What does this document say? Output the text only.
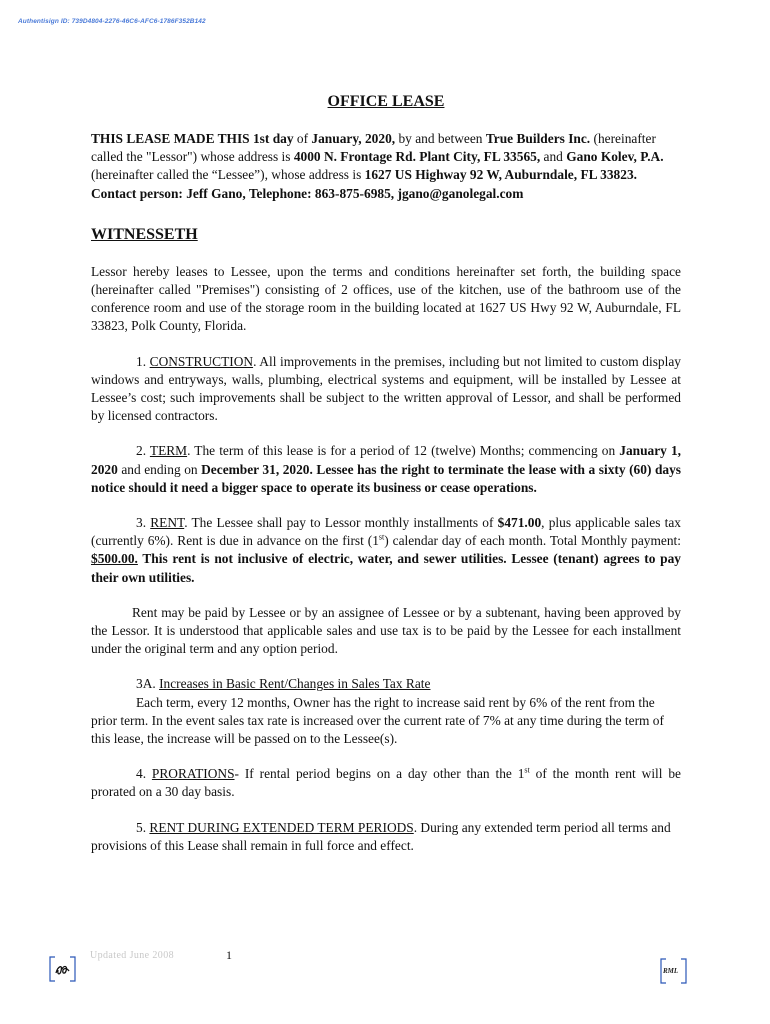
Authentisign ID: 739D4804-2276-46C6-AFC6-1786F352B142
OFFICE LEASE

THIS LEASE MADE THIS 1st day of January, 2020, by and between True Builders Inc. (hereinafter called the "Lessor") whose address is 4000 N. Frontage Rd. Plant City, FL 33565, and Gano Kolev, P.A. (hereinafter called the “Lessee”), whose address is 1627 US Highway 92 W, Auburndale, FL 33823. Contact person: Jeff Gano, Telephone: 863-875-6985, jgano@ganolegal.com

WITNESSETH

Lessor hereby leases to Lessee, upon the terms and conditions hereinafter set forth, the building space (hereinafter called "Premises") consisting of 2 offices, use of the kitchen, use of the bathroom use of the conference room and use of the storage room in the building located at 1627 US Hwy 92 W, Auburndale, FL 33823, Polk County, Florida.

1. CONSTRUCTION. All improvements in the premises, including but not limited to custom display windows and entryways, walls, plumbing, electrical systems and equipment, will be installed by Lessee at Lessee’s cost; such improvements shall be subject to the written approval of Lessor, and shall be performed by licensed contractors.

2. TERM. The term of this lease is for a period of 12 (twelve) Months; commencing on January 1, 2020 and ending on December 31, 2020. Lessee has the right to terminate the lease with a sixty (60) days notice should it need a bigger space to operate its business or cease operations.

3. RENT. The Lessee shall pay to Lessor monthly installments of $471.00, plus applicable sales tax (currently 6%). Rent is due in advance on the first (1st) calendar day of each month. Total Monthly payment: $500.00. This rent is not inclusive of electric, water, and sewer utilities. Lessee (tenant) agrees to pay their own utilities.

Rent may be paid by Lessee or by an assignee of Lessee or by a subtenant, having been approved by the Lessor. It is understood that applicable sales and use tax is to be paid by the Lessee for each installment under the original term and any option period.

3A. Increases in Basic Rent/Changes in Sales Tax Rate

Each term, every 12 months, Owner has the right to increase said rent by 6% of the rent from the prior term. In the event sales tax rate is increased over the current rate of 7% at any time during the term of this lease, the increase will be passed on to the Lessee(s).

4. PRORATIONS- If rental period begins on a day other than the 1st of the month rent will be prorated on a 30 day basis.

5. RENT DURING EXTENDED TERM PERIODS. During any extended term period all terms and provisions of this Lease shall remain in full force and effect.

Updated June 2008	1
RML
